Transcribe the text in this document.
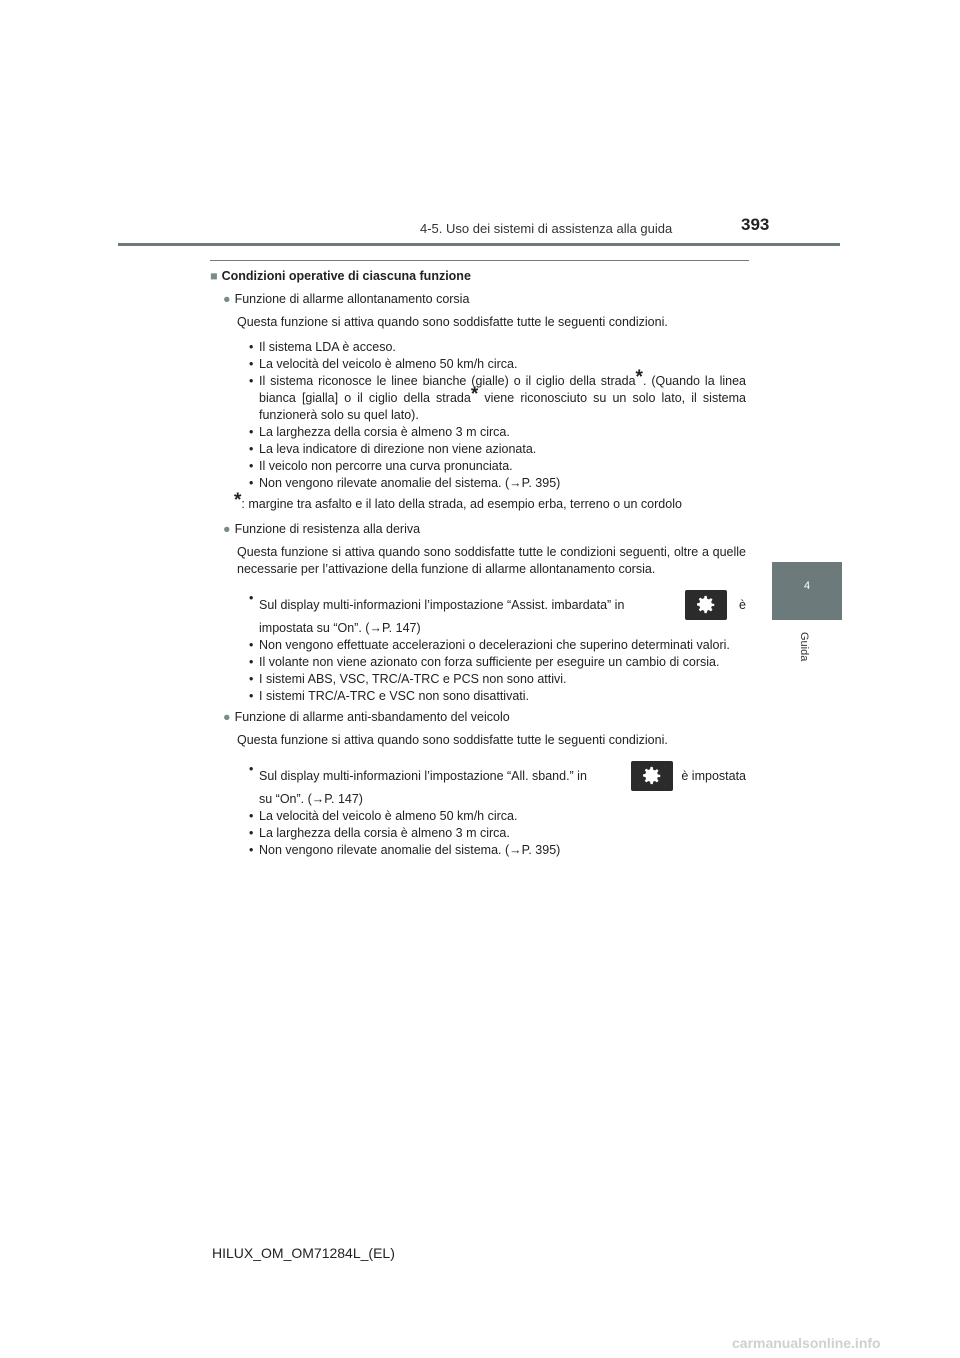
4-5. Uso dei sistemi di assistenza alla guida	393
4
Guida
■ Condizioni operative di ciascuna funzione
● Funzione di allarme allontanamento corsia
Questa funzione si attiva quando sono soddisfatte tutte le seguenti condizioni.
• Il sistema LDA è acceso.
• La velocità del veicolo è almeno 50 km/h circa.
• Il sistema riconosce le linee bianche (gialle) o il ciglio della strada*. (Quando la linea bianca [gialla] o il ciglio della strada* viene riconosciuto su un solo lato, il sistema funzionerà solo su quel lato).
• La larghezza della corsia è almeno 3 m circa.
• La leva indicatore di direzione non viene azionata.
• Il veicolo non percorre una curva pronunciata.
• Non vengono rilevate anomalie del sistema. (→P. 395)
*: margine tra asfalto e il lato della strada, ad esempio erba, terreno o un cordolo
● Funzione di resistenza alla deriva
Questa funzione si attiva quando sono soddisfatte tutte le condizioni seguenti, oltre a quelle necessarie per l’attivazione della funzione di allarme allontanamento corsia.
• Sul display multi-informazioni l’impostazione “Assist. imbardata” in	è
impostata su “On”. (→P. 147)
• Non vengono effettuate accelerazioni o decelerazioni che superino determinati valori.
• Il volante non viene azionato con forza sufficiente per eseguire un cambio di corsia.
• I sistemi ABS, VSC, TRC/A-TRC e PCS non sono attivi.
• I sistemi TRC/A-TRC e VSC non sono disattivati.
● Funzione di allarme anti-sbandamento del veicolo
Questa funzione si attiva quando sono soddisfatte tutte le seguenti condizioni.
• Sul display multi-informazioni l’impostazione “All. sband.” in	è impostata
su “On”. (→P. 147)
• La velocità del veicolo è almeno 50 km/h circa.
• La larghezza della corsia è almeno 3 m circa.
• Non vengono rilevate anomalie del sistema. (→P. 395)
HILUX_OM_OM71284L_(EL)
carmanualsonline.info
